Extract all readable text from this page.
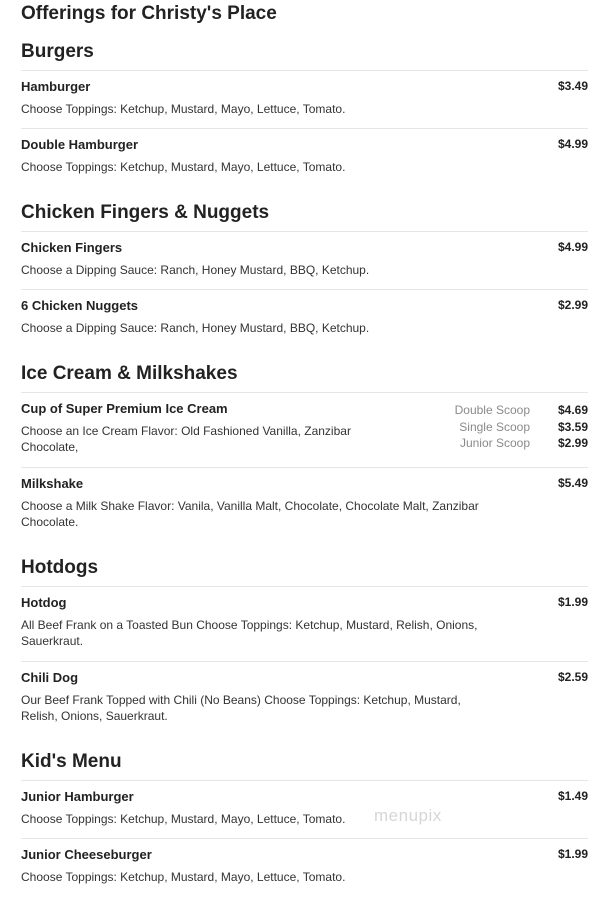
Offerings for Christy's Place
Burgers
Hamburger
Choose Toppings: Ketchup, Mustard, Mayo, Lettuce, Tomato.
$3.49
Double Hamburger
Choose Toppings: Ketchup, Mustard, Mayo, Lettuce, Tomato.
$4.99
Chicken Fingers & Nuggets
Chicken Fingers
Choose a Dipping Sauce: Ranch, Honey Mustard, BBQ, Ketchup.
$4.99
6 Chicken Nuggets
Choose a Dipping Sauce: Ranch, Honey Mustard, BBQ, Ketchup.
$2.99
Ice Cream & Milkshakes
Cup of Super Premium Ice Cream
Choose an Ice Cream Flavor: Old Fashioned Vanilla, Zanzibar Chocolate,
Double Scoop $4.69
Single Scoop $3.59
Junior Scoop $2.99
Milkshake
Choose a Milk Shake Flavor: Vanila, Vanilla Malt, Chocolate, Chocolate Malt, Zanzibar Chocolate.
$5.49
Hotdogs
Hotdog
All Beef Frank on a Toasted Bun Choose Toppings: Ketchup, Mustard, Relish, Onions, Sauerkraut.
$1.99
Chili Dog
Our Beef Frank Topped with Chili (No Beans) Choose Toppings: Ketchup, Mustard, Relish, Onions, Sauerkraut.
$2.59
Kid's Menu
Junior Hamburger
Choose Toppings: Ketchup, Mustard, Mayo, Lettuce, Tomato.
$1.49
Junior Cheeseburger
Choose Toppings: Ketchup, Mustard, Mayo, Lettuce, Tomato.
$1.99
menupix
